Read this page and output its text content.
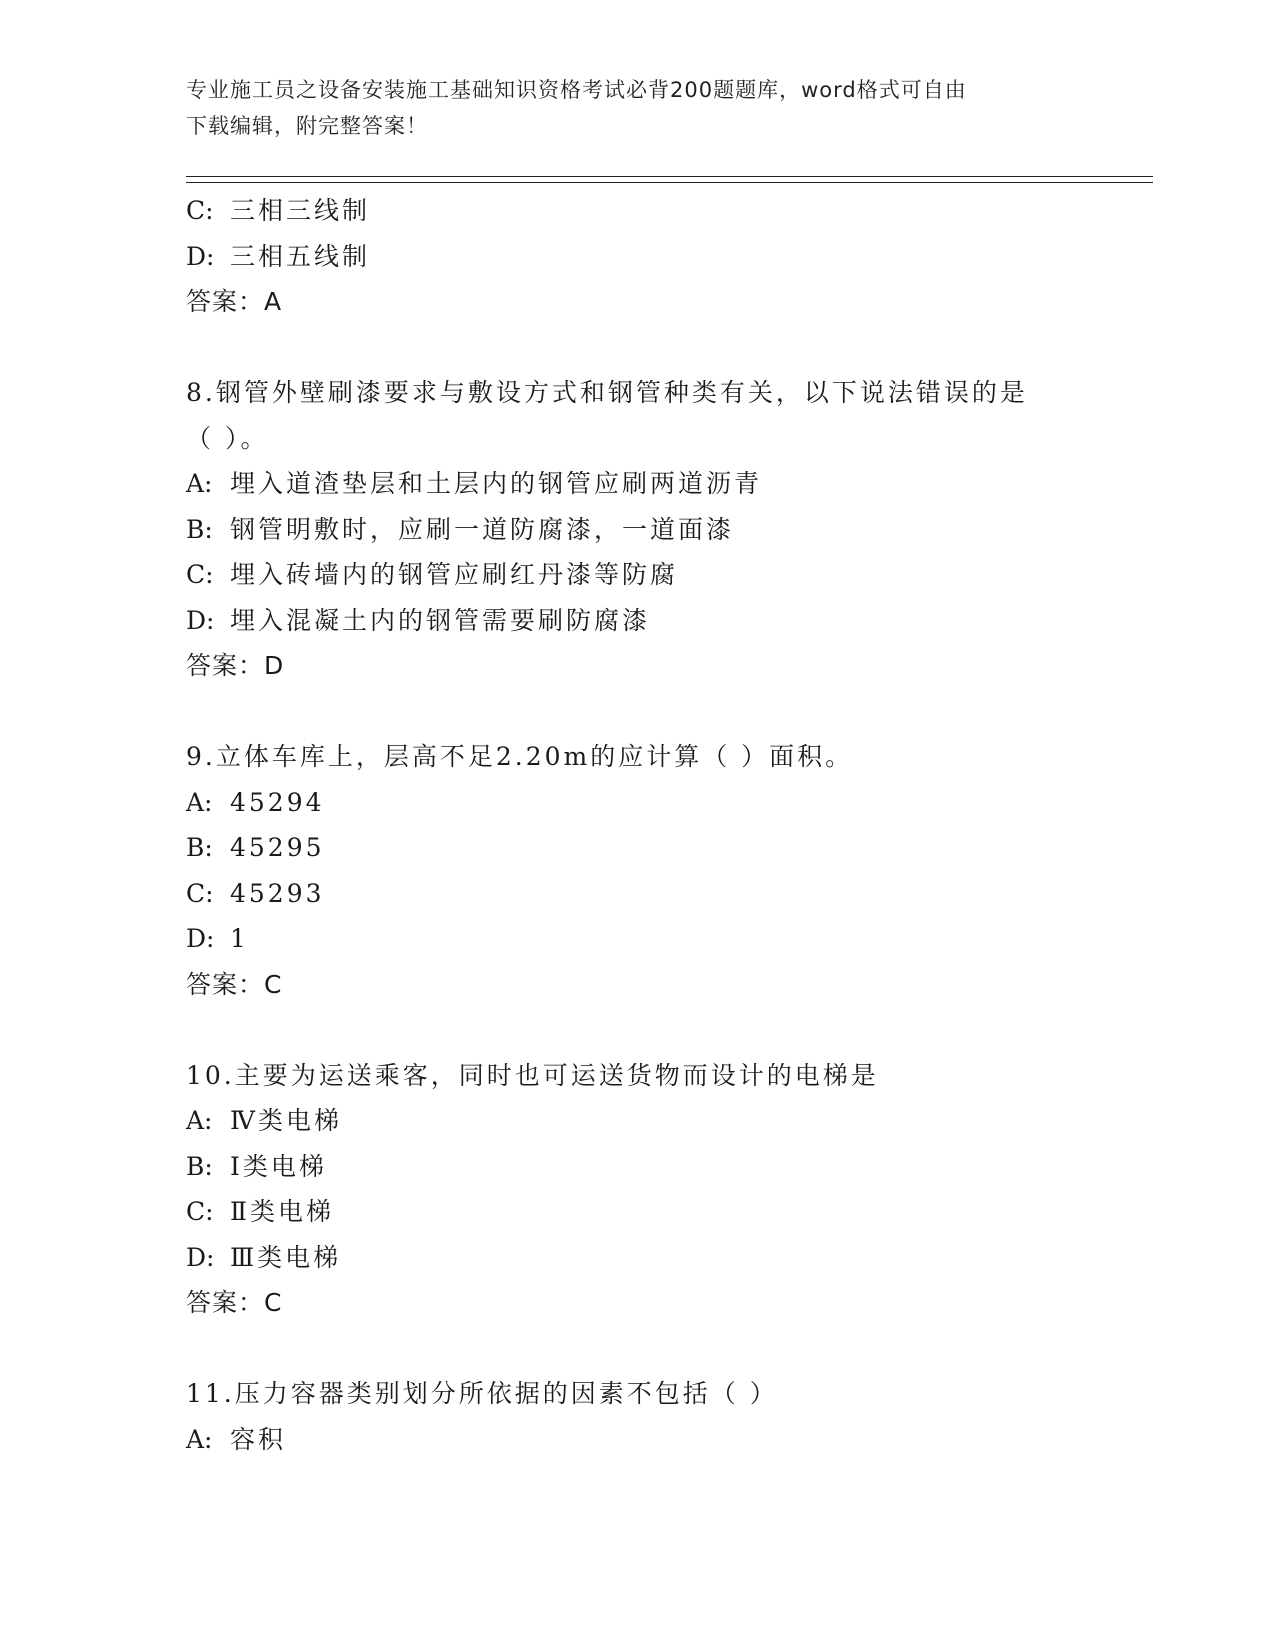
专业施工员之设备安装施工基础知识资格考试必背200题题库，word格式可自由
下载编辑，附完整答案！
C: 三相三线制
D: 三相五线制
答案：A
8.钢管外壁刷漆要求与敷设方式和钢管种类有关，以下说法错误的是
（ ）。
A: 埋入道渣垫层和土层内的钢管应刷两道沥青
B: 钢管明敷时，应刷一道防腐漆，一道面漆
C: 埋入砖墙内的钢管应刷红丹漆等防腐
D: 埋入混凝土内的钢管需要刷防腐漆
答案：D
9.立体车库上，层高不足2.20m的应计算（ ）面积。
A: 45294
B: 45295
C: 45293
D: 1
答案：C
10.主要为运送乘客，同时也可运送货物而设计的电梯是
A: Ⅳ类电梯
B: Ⅰ类电梯
C: Ⅱ类电梯
D: Ⅲ类电梯
答案：C
11.压力容器类别划分所依据的因素不包括（ ）
A: 容积
